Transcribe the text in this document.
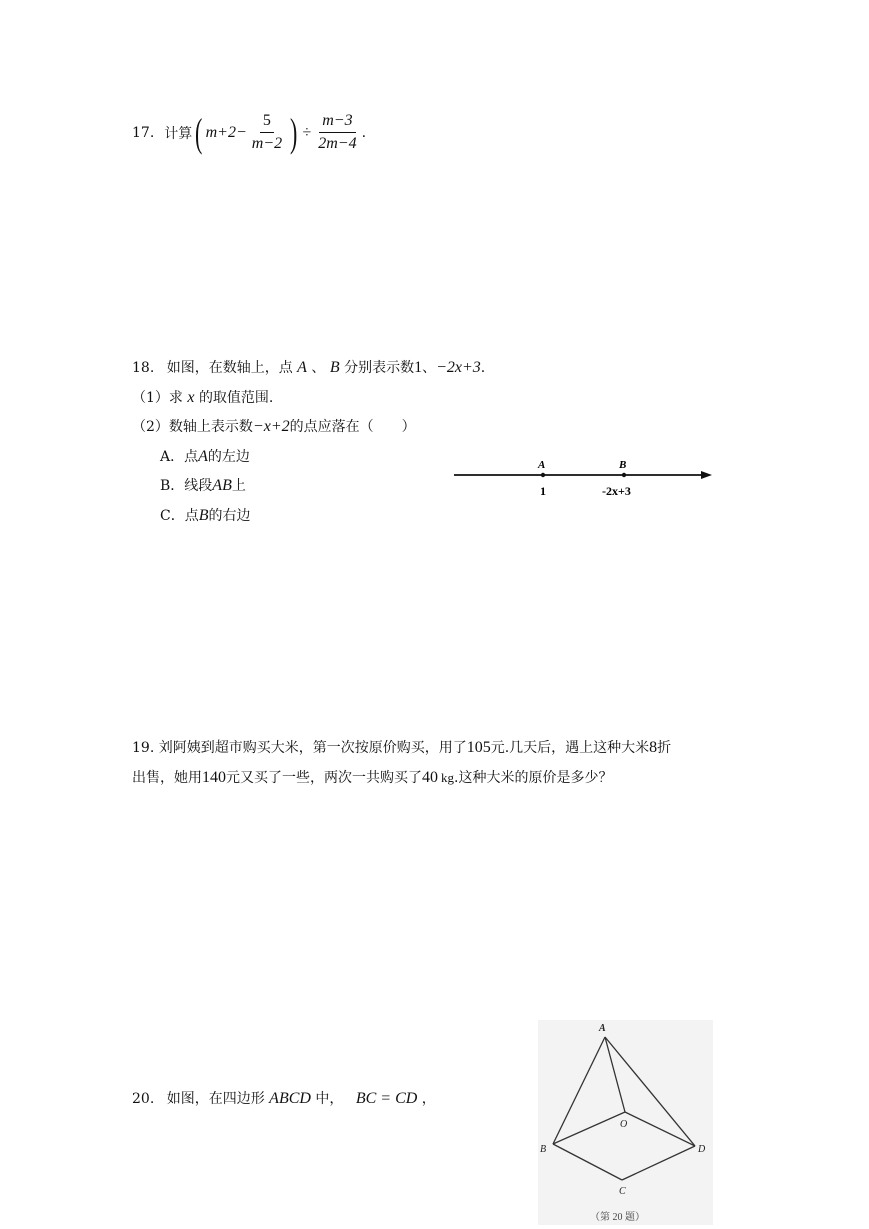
17. 计算 ( $m+2- \frac{5}{m-2}$ ) ÷ $\frac{m-3}{2m-4}$ .
18. 如图，在数轴上，点 A 、 B 分别表示数1、−2x+3.
（1）求 x 的取值范围.
（2）数轴上表示数−x+2的点应落在（　　）
A．点A的左边
B．线段AB上
C．点B的右边
A	B
1	-2x+3
19. 刘阿姨到超市购买大米，第一次按原价购买，用了105元.几天后，遇上这种大米8折
出售，她用140元又买了一些，两次一共购买了40 kg.这种大米的原价是多少？
20. 如图，在四边形 ABCD 中， BC = CD ，
A
B	D
C
O
（第 20 题）
